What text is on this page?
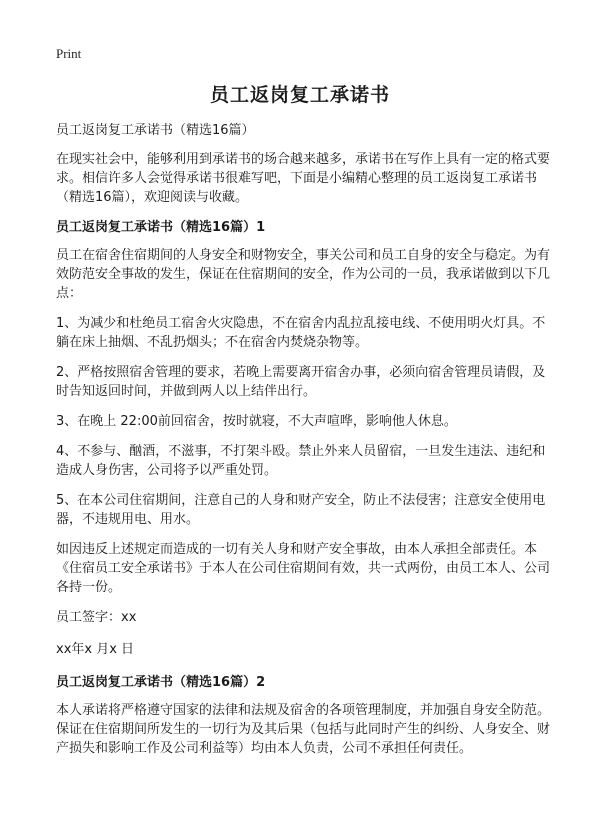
Print
员工返岗复工承诺书

员工返岗复工承诺书（精选16篇）

在现实社会中，能够利用到承诺书的场合越来越多，承诺书在写作上具有一定的格式要求。相信许多人会觉得承诺书很难写吧，下面是小编精心整理的员工返岗复工承诺书（精选16篇），欢迎阅读与收藏。

员工返岗复工承诺书（精选16篇）1

员工在宿舍住宿期间的人身安全和财物安全，事关公司和员工自身的安全与稳定。为有效防范安全事故的发生，保证在住宿期间的安全，作为公司的一员，我承诺做到以下几点：

1、为减少和杜绝员工宿舍火灾隐患，不在宿舍内乱拉乱接电线、不使用明火灯具。不躺在床上抽烟、不乱扔烟头；不在宿舍内焚烧杂物等。

2、严格按照宿舍管理的要求，若晚上需要离开宿舍办事，必须向宿舍管理员请假，及时告知返回时间，并做到两人以上结伴出行。

3、在晚上 22:00前回宿舍，按时就寝，不大声喧哗，影响他人休息。

4、不参与、酗酒，不滋事，不打架斗殴。禁止外来人员留宿，一旦发生违法、违纪和造成人身伤害，公司将予以严重处罚。

5、在本公司住宿期间，注意自己的人身和财产安全，防止不法侵害；注意安全使用电器，不违规用电、用水。

如因违反上述规定而造成的一切有关人身和财产安全事故，由本人承担全部责任。本《住宿员工安全承诺书》于本人在公司住宿期间有效，共一式两份，由员工本人、公司各持一份。

员工签字：xx

xx年x 月x 日

员工返岗复工承诺书（精选16篇）2

本人承诺将严格遵守国家的法律和法规及宿舍的各项管理制度，并加强自身安全防范。保证在住宿期间所发生的一切行为及其后果（包括与此同时产生的纠纷、人身安全、财产损失和影响工作及公司利益等）均由本人负责，公司不承担任何责任。
